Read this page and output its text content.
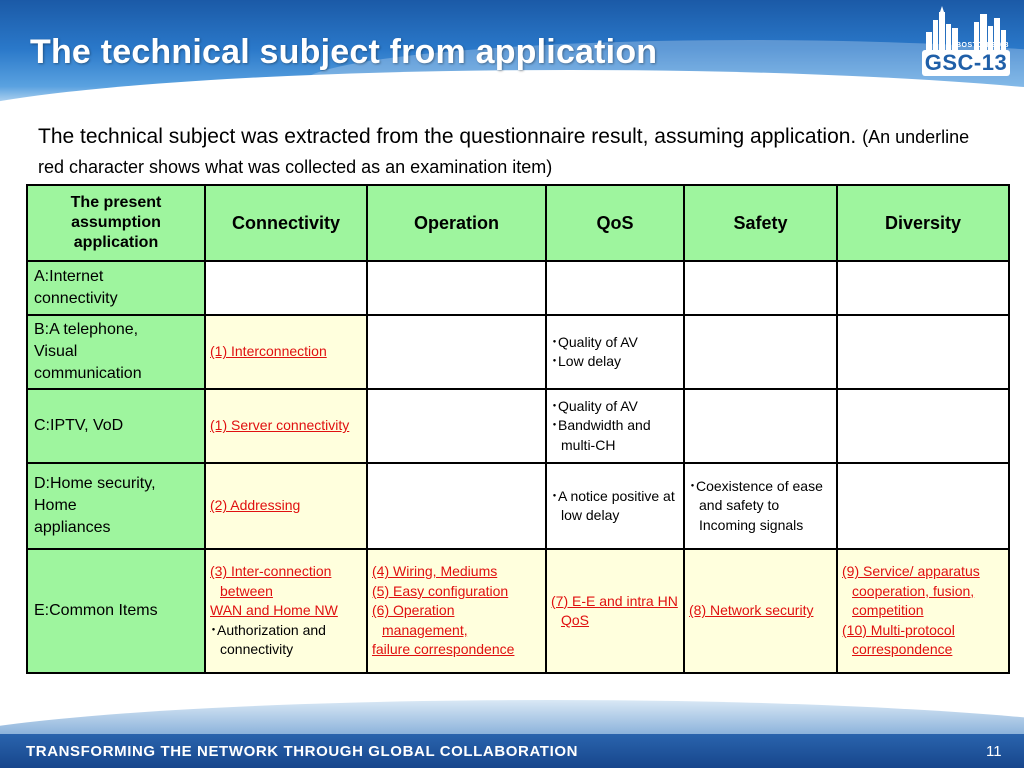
The technical subject from application	BOSTON 2008
GSC-13
The technical subject was extracted from the questionnaire result, assuming application. (An underline red character shows what was collected as an examination item)
The present
assumption
application	Connectivity	Operation	QoS	Safety	Diversity

A:Internet
connectivity					

B:A telephone,
Visual
communication	(1) Interconnection		･Quality of AV
･Low delay		

C:IPTV, VoD	(1) Server connectivity		･Quality of AV
･Bandwidth and multi-CH		

D:Home security,
Home
appliances	(2) Addressing		･A notice positive at low delay	･Coexistence of ease and safety to Incoming signals	

E:Common Items	(3) Inter-connection between
WAN and Home NW
･Authorization and connectivity	(4) Wiring, Mediums
(5) Easy configuration
(6) Operation management,
failure correspondence	(7) E-E and intra HN QoS	(8) Network security	(9) Service/ apparatus cooperation, fusion, competition
(10) Multi-protocol correspondence
TRANSFORMING THE NETWORK THROUGH GLOBAL COLLABORATION	11
